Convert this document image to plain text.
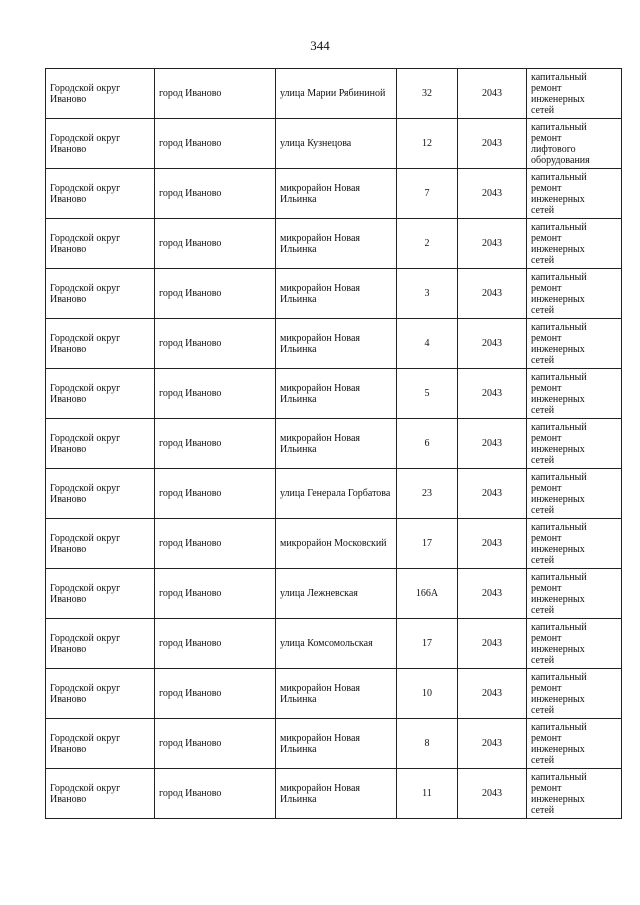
344
Городской округ Иваново	город Иваново	улица Марии Рябининой	32	2043	капитальный ремонт инженерных сетей

Городской округ Иваново	город Иваново	улица Кузнецова	12	2043	капитальный ремонт лифтового оборудования

Городской округ Иваново	город Иваново	микрорайон Новая Ильинка	7	2043	капитальный ремонт инженерных сетей

Городской округ Иваново	город Иваново	микрорайон Новая Ильинка	2	2043	капитальный ремонт инженерных сетей

Городской округ Иваново	город Иваново	микрорайон Новая Ильинка	3	2043	капитальный ремонт инженерных сетей

Городской округ Иваново	город Иваново	микрорайон Новая Ильинка	4	2043	капитальный ремонт инженерных сетей

Городской округ Иваново	город Иваново	микрорайон Новая Ильинка	5	2043	капитальный ремонт инженерных сетей

Городской округ Иваново	город Иваново	микрорайон Новая Ильинка	6	2043	капитальный ремонт инженерных сетей

Городской округ Иваново	город Иваново	улица Генерала Горбатова	23	2043	капитальный ремонт инженерных сетей

Городской округ Иваново	город Иваново	микрорайон Московский	17	2043	капитальный ремонт инженерных сетей

Городской округ Иваново	город Иваново	улица Лежневская	166А	2043	капитальный ремонт инженерных сетей

Городской округ Иваново	город Иваново	улица Комсомольская	17	2043	капитальный ремонт инженерных сетей

Городской округ Иваново	город Иваново	микрорайон Новая Ильинка	10	2043	капитальный ремонт инженерных сетей

Городской округ Иваново	город Иваново	микрорайон Новая Ильинка	8	2043	капитальный ремонт инженерных сетей

Городской округ Иваново	город Иваново	микрорайон Новая Ильинка	11	2043	капитальный ремонт инженерных сетей
